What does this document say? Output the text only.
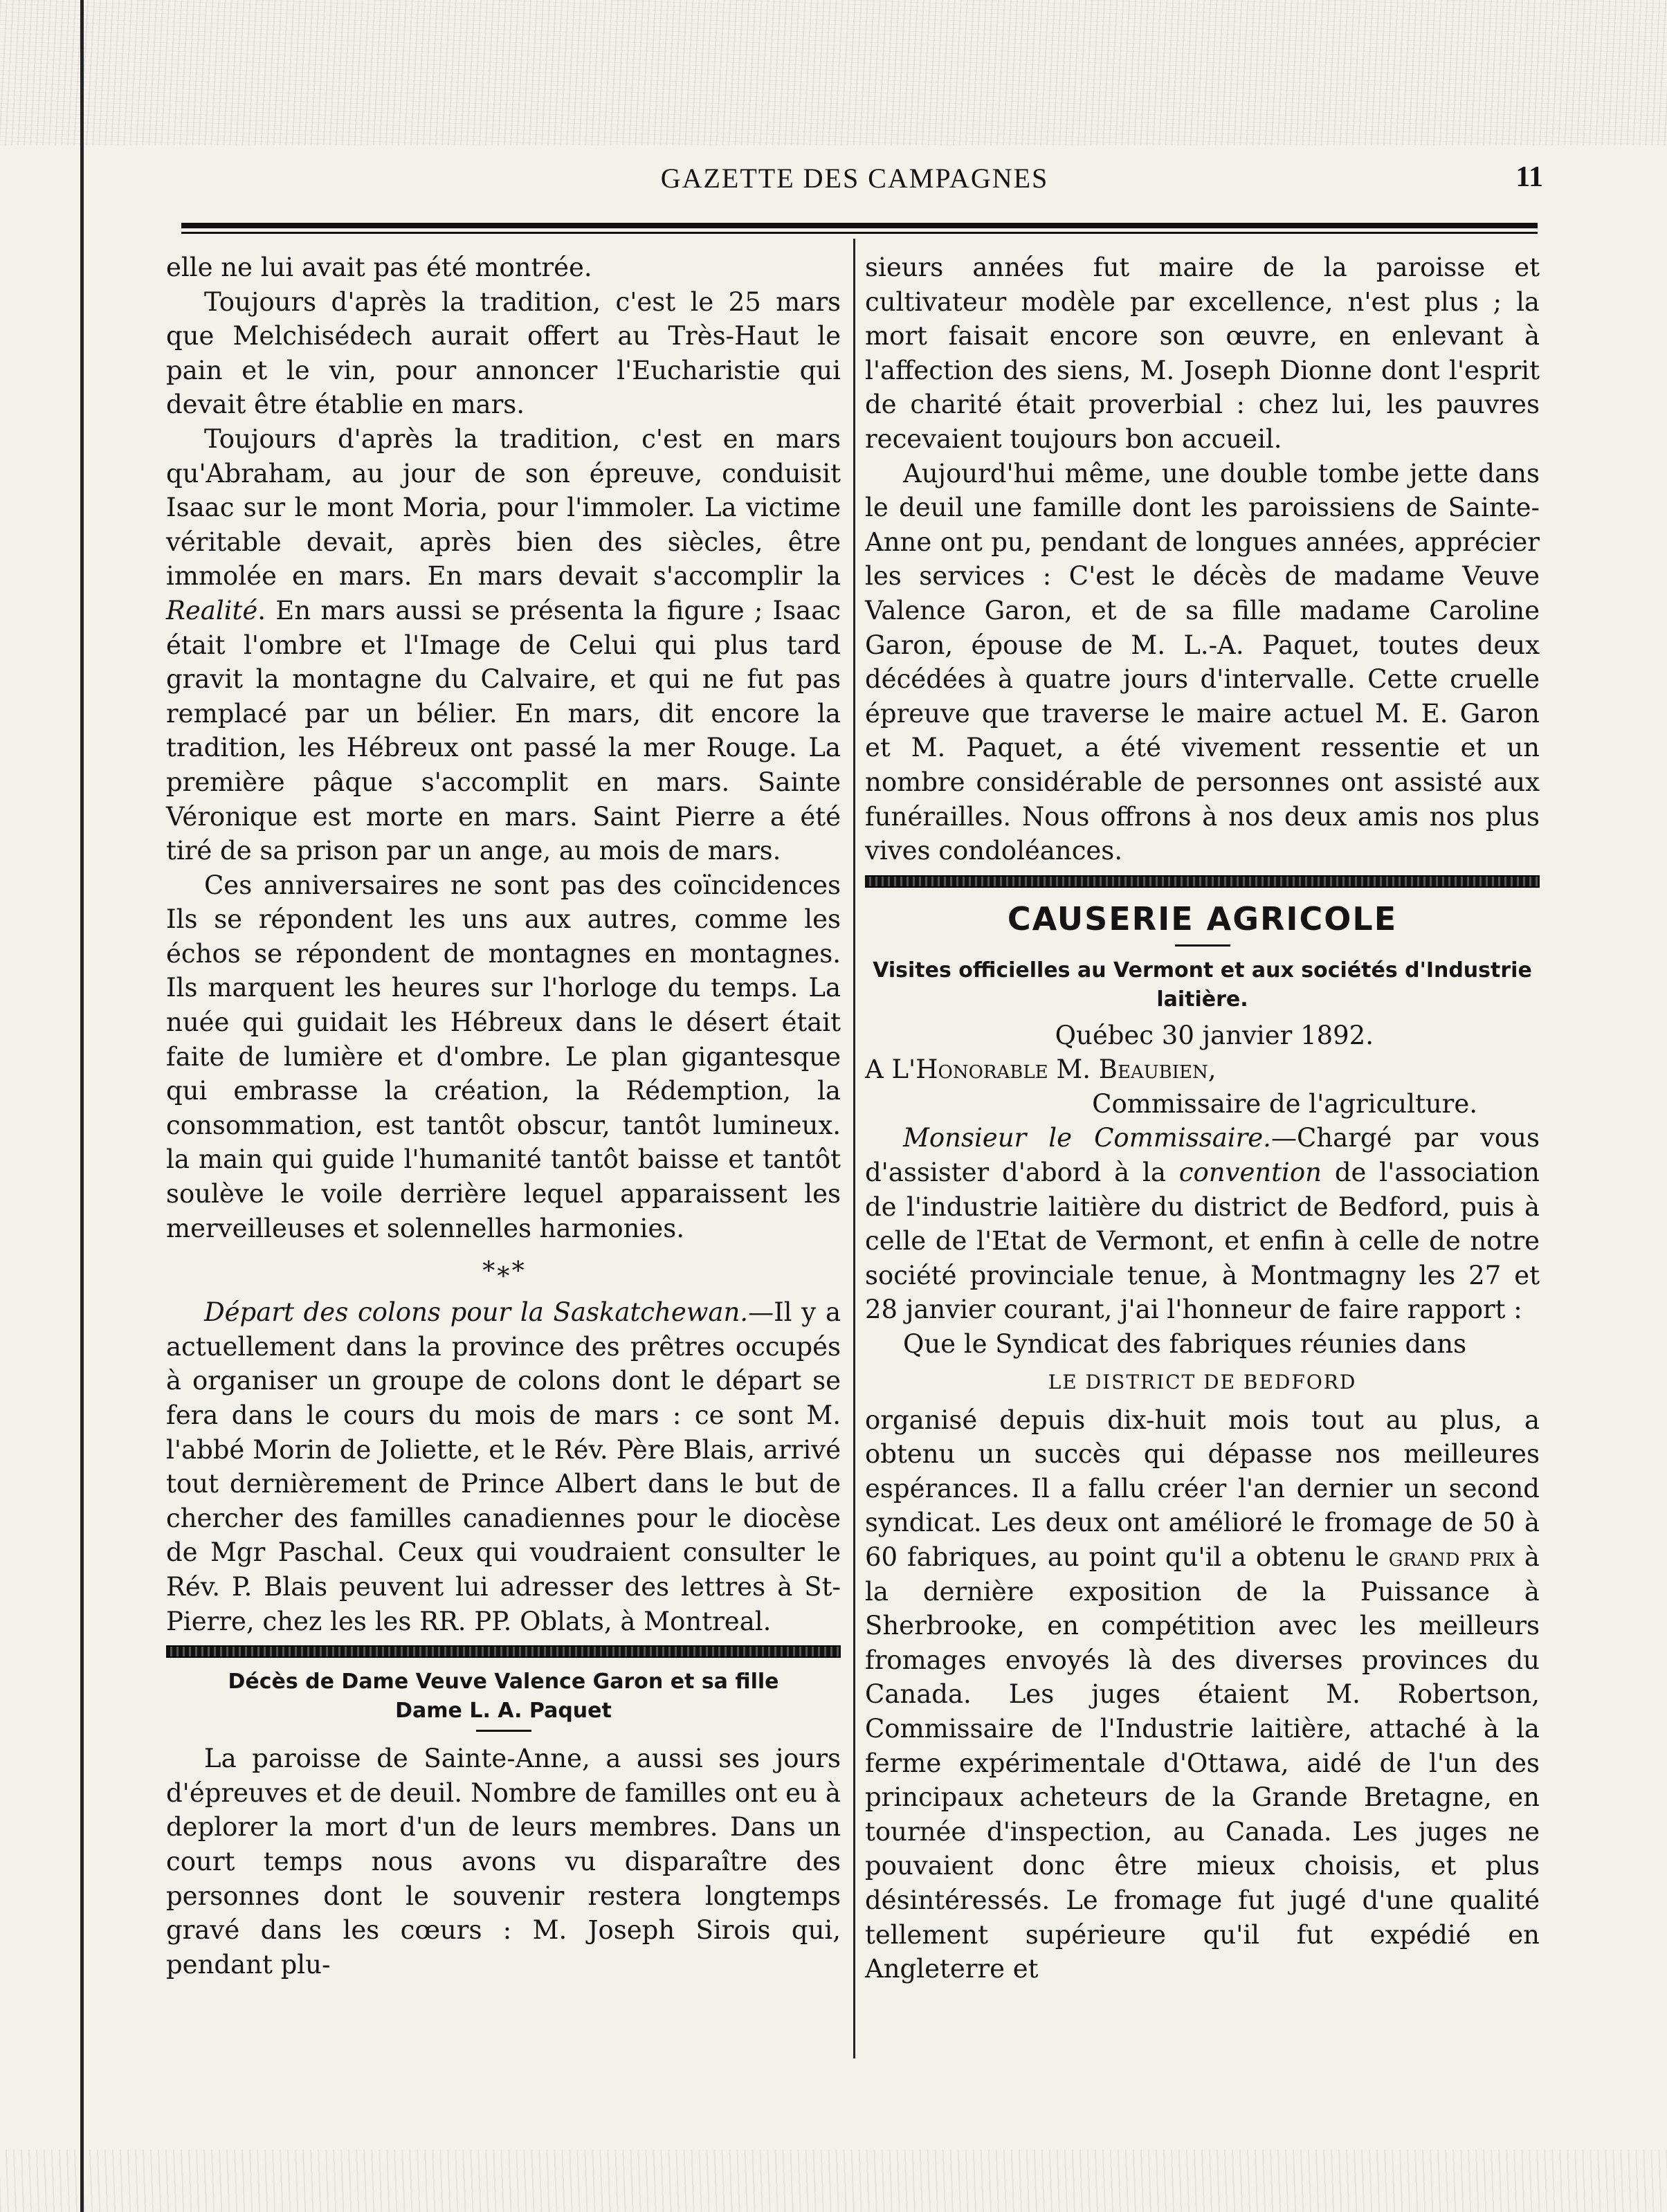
GAZETTE DES CAMPAGNES	11

elle ne lui avait pas été montrée.

Toujours d'après la tradition, c'est le 25 mars que Melchisédech aurait offert au Très-Haut le pain et le vin, pour annoncer l'Eucharistie qui devait être établie en mars.

Toujours d'après la tradition, c'est en mars qu'Abraham, au jour de son épreuve, conduisit Isaac sur le mont Moria, pour l'immoler. La victime véritable devait, après bien des siècles, être immolée en mars. En mars devait s'accomplir la Realité. En mars aussi se présenta la figure ; Isaac était l'ombre et l'Image de Celui qui plus tard gravit la montagne du Calvaire, et qui ne fut pas remplacé par un bélier. En mars, dit encore la tradition, les Hébreux ont passé la mer Rouge. La première pâque s'accomplit en mars. Sainte Véronique est morte en mars. Saint Pierre a été tiré de sa prison par un ange, au mois de mars.

Ces anniversaires ne sont pas des coïncidences Ils se répondent les uns aux autres, comme les échos se répondent de montagnes en montagnes. Ils marquent les heures sur l'horloge du temps. La nuée qui guidait les Hébreux dans le désert était faite de lumière et d'ombre. Le plan gigantesque qui embrasse la création, la Rédemption, la consommation, est tantôt obscur, tantôt lumineux. la main qui guide l'humanité tantôt baisse et tantôt soulève le voile derrière lequel apparaissent les merveilleuses et solennelles harmonies.

*∗*

Départ des colons pour la Saskatchewan.—Il y a actuellement dans la province des prêtres occupés à organiser un groupe de colons dont le départ se fera dans le cours du mois de mars : ce sont M. l'abbé Morin de Joliette, et le Rév. Père Blais, arrivé tout dernièrement de Prince Albert dans le but de chercher des familles canadiennes pour le diocèse de Mgr Paschal. Ceux qui voudraient consulter le Rév. P. Blais peuvent lui adresser des lettres à St-Pierre, chez les les RR. PP. Oblats, à Montreal.

Décès de Dame Veuve Valence Garon et sa fille
Dame L. A. Paquet

La paroisse de Sainte-Anne, a aussi ses jours d'épreuves et de deuil. Nombre de familles ont eu à deplorer la mort d'un de leurs membres. Dans un court temps nous avons vu disparaître des personnes dont le souvenir restera longtemps gravé dans les cœurs : M. Joseph Sirois qui, pendant plu-

sieurs années fut maire de la paroisse et cultivateur modèle par excellence, n'est plus ; la mort faisait encore son œuvre, en enlevant à l'affection des siens, M. Joseph Dionne dont l'esprit de charité était proverbial : chez lui, les pauvres recevaient toujours bon accueil.

Aujourd'hui même, une double tombe jette dans le deuil une famille dont les paroissiens de Sainte-Anne ont pu, pendant de longues années, apprécier les services : C'est le décès de madame Veuve Valence Garon, et de sa fille madame Caroline Garon, épouse de M. L.-A. Paquet, toutes deux décédées à quatre jours d'intervalle. Cette cruelle épreuve que traverse le maire actuel M. E. Garon et M. Paquet, a été vivement ressentie et un nombre considérable de personnes ont assisté aux funérailles. Nous offrons à nos deux amis nos plus vives condoléances.

CAUSERIE AGRICOLE
Visites officielles au Vermont et aux sociétés d'Industrie laitière.

Québec 30 janvier 1892.

A L'Honorable M. Beaubien,

Commissaire de l'agriculture.

Monsieur le Commissaire.—Chargé par vous d'assister d'abord à la convention de l'association de l'industrie laitière du district de Bedford, puis à celle de l'Etat de Vermont, et enfin à celle de notre société provinciale tenue, à Montmagny les 27 et 28 janvier courant, j'ai l'honneur de faire rapport :

Que le Syndicat des fabriques réunies dans

LE DISTRICT DE BEDFORD

organisé depuis dix-huit mois tout au plus, a obtenu un succès qui dépasse nos meilleures espérances. Il a fallu créer l'an dernier un second syndicat. Les deux ont amélioré le fromage de 50 à 60 fabriques, au point qu'il a obtenu le grand prix à la dernière exposition de la Puissance à Sherbrooke, en compétition avec les meilleurs fromages envoyés là des diverses provinces du Canada. Les juges étaient M. Robertson, Commissaire de l'Industrie laitière, attaché à la ferme expérimentale d'Ottawa, aidé de l'un des principaux acheteurs de la Grande Bretagne, en tournée d'inspection, au Canada. Les juges ne pouvaient donc être mieux choisis, et plus désintéressés. Le fromage fut jugé d'une qualité tellement supérieure qu'il fut expédié en Angleterre et
